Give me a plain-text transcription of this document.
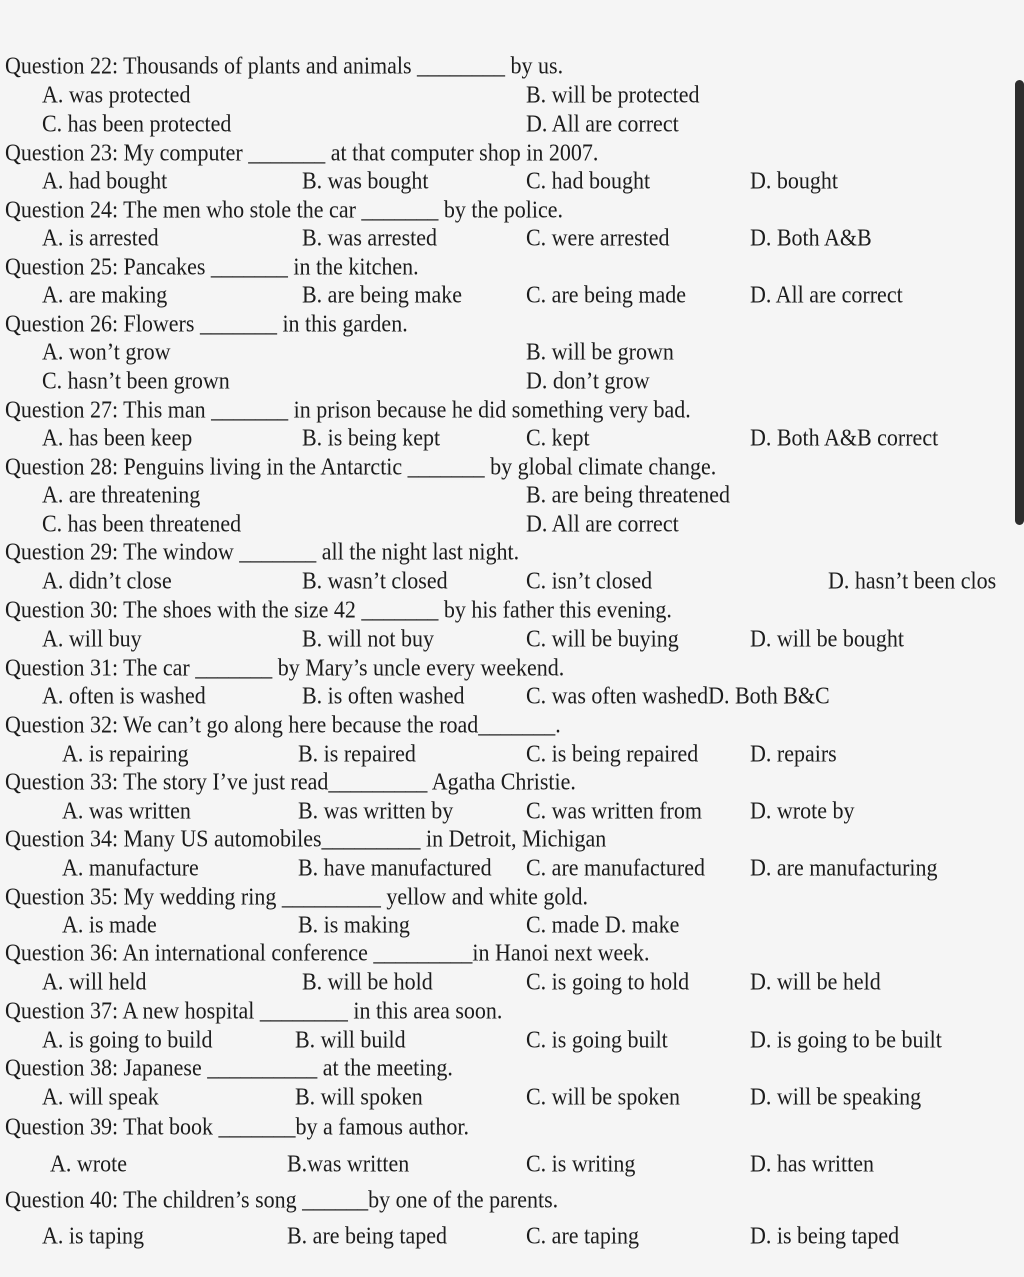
Question 22: Thousands of plants and animals ________ by us.
A. was protected	B. will be protected
C. has been protected	D. All are correct
Question 23: My computer _______ at that computer shop in 2007.
A. had bought	B. was bought	C. had bought	D. bought
Question 24: The men who stole the car _______ by the police.
A. is arrested	B. was arrested	C. were arrested	D. Both A&B
Question 25: Pancakes _______ in the kitchen.
A. are making	B. are being make	C. are being made	D. All are correct
Question 26: Flowers _______ in this garden.
A. won’t grow	B. will be grown
C. hasn’t been grown	D. don’t grow
Question 27: This man _______ in prison because he did something very bad.
A. has been keep	B. is being kept	C. kept	D. Both A&B correct
Question 28: Penguins living in the Antarctic _______ by global climate change.
A. are threatening	B. are being threatened
C. has been threatened	D. All are correct
Question 29: The window _______ all the night last night.
A. didn’t close	B. wasn’t closed	C. isn’t closed	D. hasn’t been clos
Question 30: The shoes with the size 42 _______ by his father this evening.
A. will buy	B. will not buy	C. will be buying	D. will be bought
Question 31: The car _______ by Mary’s uncle every weekend.
A. often is washed	B. is often washed	C. was often washedD. Both B&C
Question 32: We can’t go along here because the road_______.
A. is repairing	B. is repaired	C. is being repaired D. repairs
Question 33: The story I’ve just read_________ Agatha Christie.
A. was written	B. was written by	C. was written from D. wrote by
Question 34: Many US automobiles_________ in Detroit, Michigan
A. manufacture	B. have manufactured C. are manufactured D. are manufacturing
Question 35: My wedding ring _________ yellow and white gold.
A. is made	B. is making	C. made D. make
Question 36: An international conference _________in Hanoi next week.
A. will held	B. will be hold	C. is going to hold	D. will be held
Question 37: A new hospital ________ in this area soon.
A. is going to build	B. will build	C. is going built	D. is going to be built
Question 38: Japanese __________ at the meeting.
A. will speak	B. will spoken	C. will be spoken	D. will be speaking
Question 39: That book _______by a famous author.
A. wrote	B.was written	C. is writing	D. has written
Question 40: The children’s song ______by one of the parents.
A. is taping	B. are being taped	C. are taping	D. is being taped
